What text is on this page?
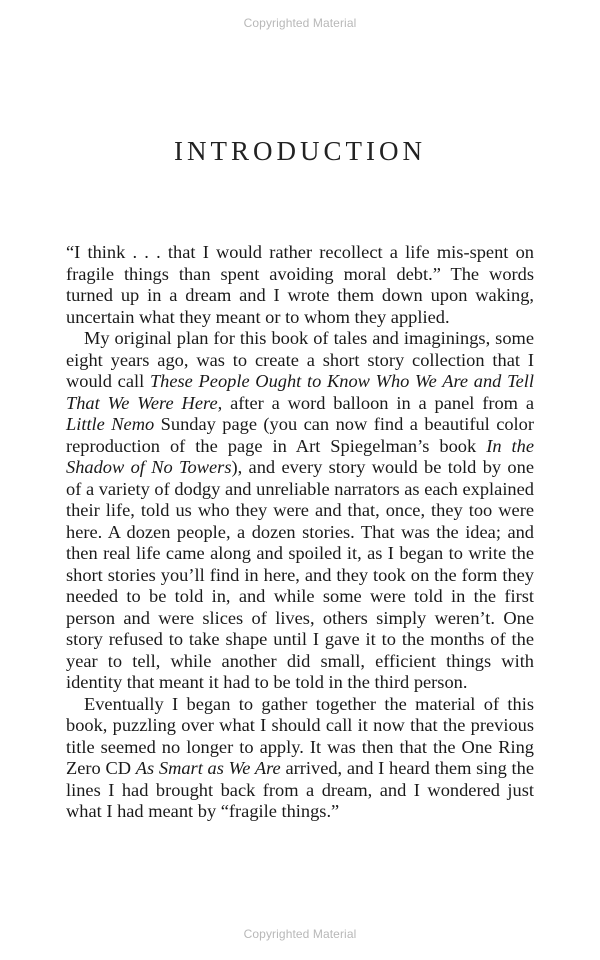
Copyrighted Material
INTRODUCTION

“I think . . . that I would rather recollect a life mis-spent on fragile things than spent avoiding moral debt.” The words turned up in a dream and I wrote them down upon waking, uncertain what they meant or to whom they applied.

My original plan for this book of tales and imaginings, some eight years ago, was to create a short story collection that I would call These People Ought to Know Who We Are and Tell That We Were Here, after a word balloon in a panel from a Little Nemo Sunday page (you can now find a beautiful color reproduction of the page in Art Spiegelman’s book In the Shadow of No Towers), and every story would be told by one of a variety of dodgy and unreliable narrators as each explained their life, told us who they were and that, once, they too were here. A dozen people, a dozen stories. That was the idea; and then real life came along and spoiled it, as I began to write the short stories you’ll find in here, and they took on the form they needed to be told in, and while some were told in the first person and were slices of lives, others simply weren’t. One story refused to take shape until I gave it to the months of the year to tell, while another did small, efficient things with identity that meant it had to be told in the third person.

Eventually I began to gather together the material of this book, puzzling over what I should call it now that the previous title seemed no longer to apply. It was then that the One Ring Zero CD As Smart as We Are arrived, and I heard them sing the lines I had brought back from a dream, and I wondered just what I had meant by “fragile things.”

Copyrighted Material
